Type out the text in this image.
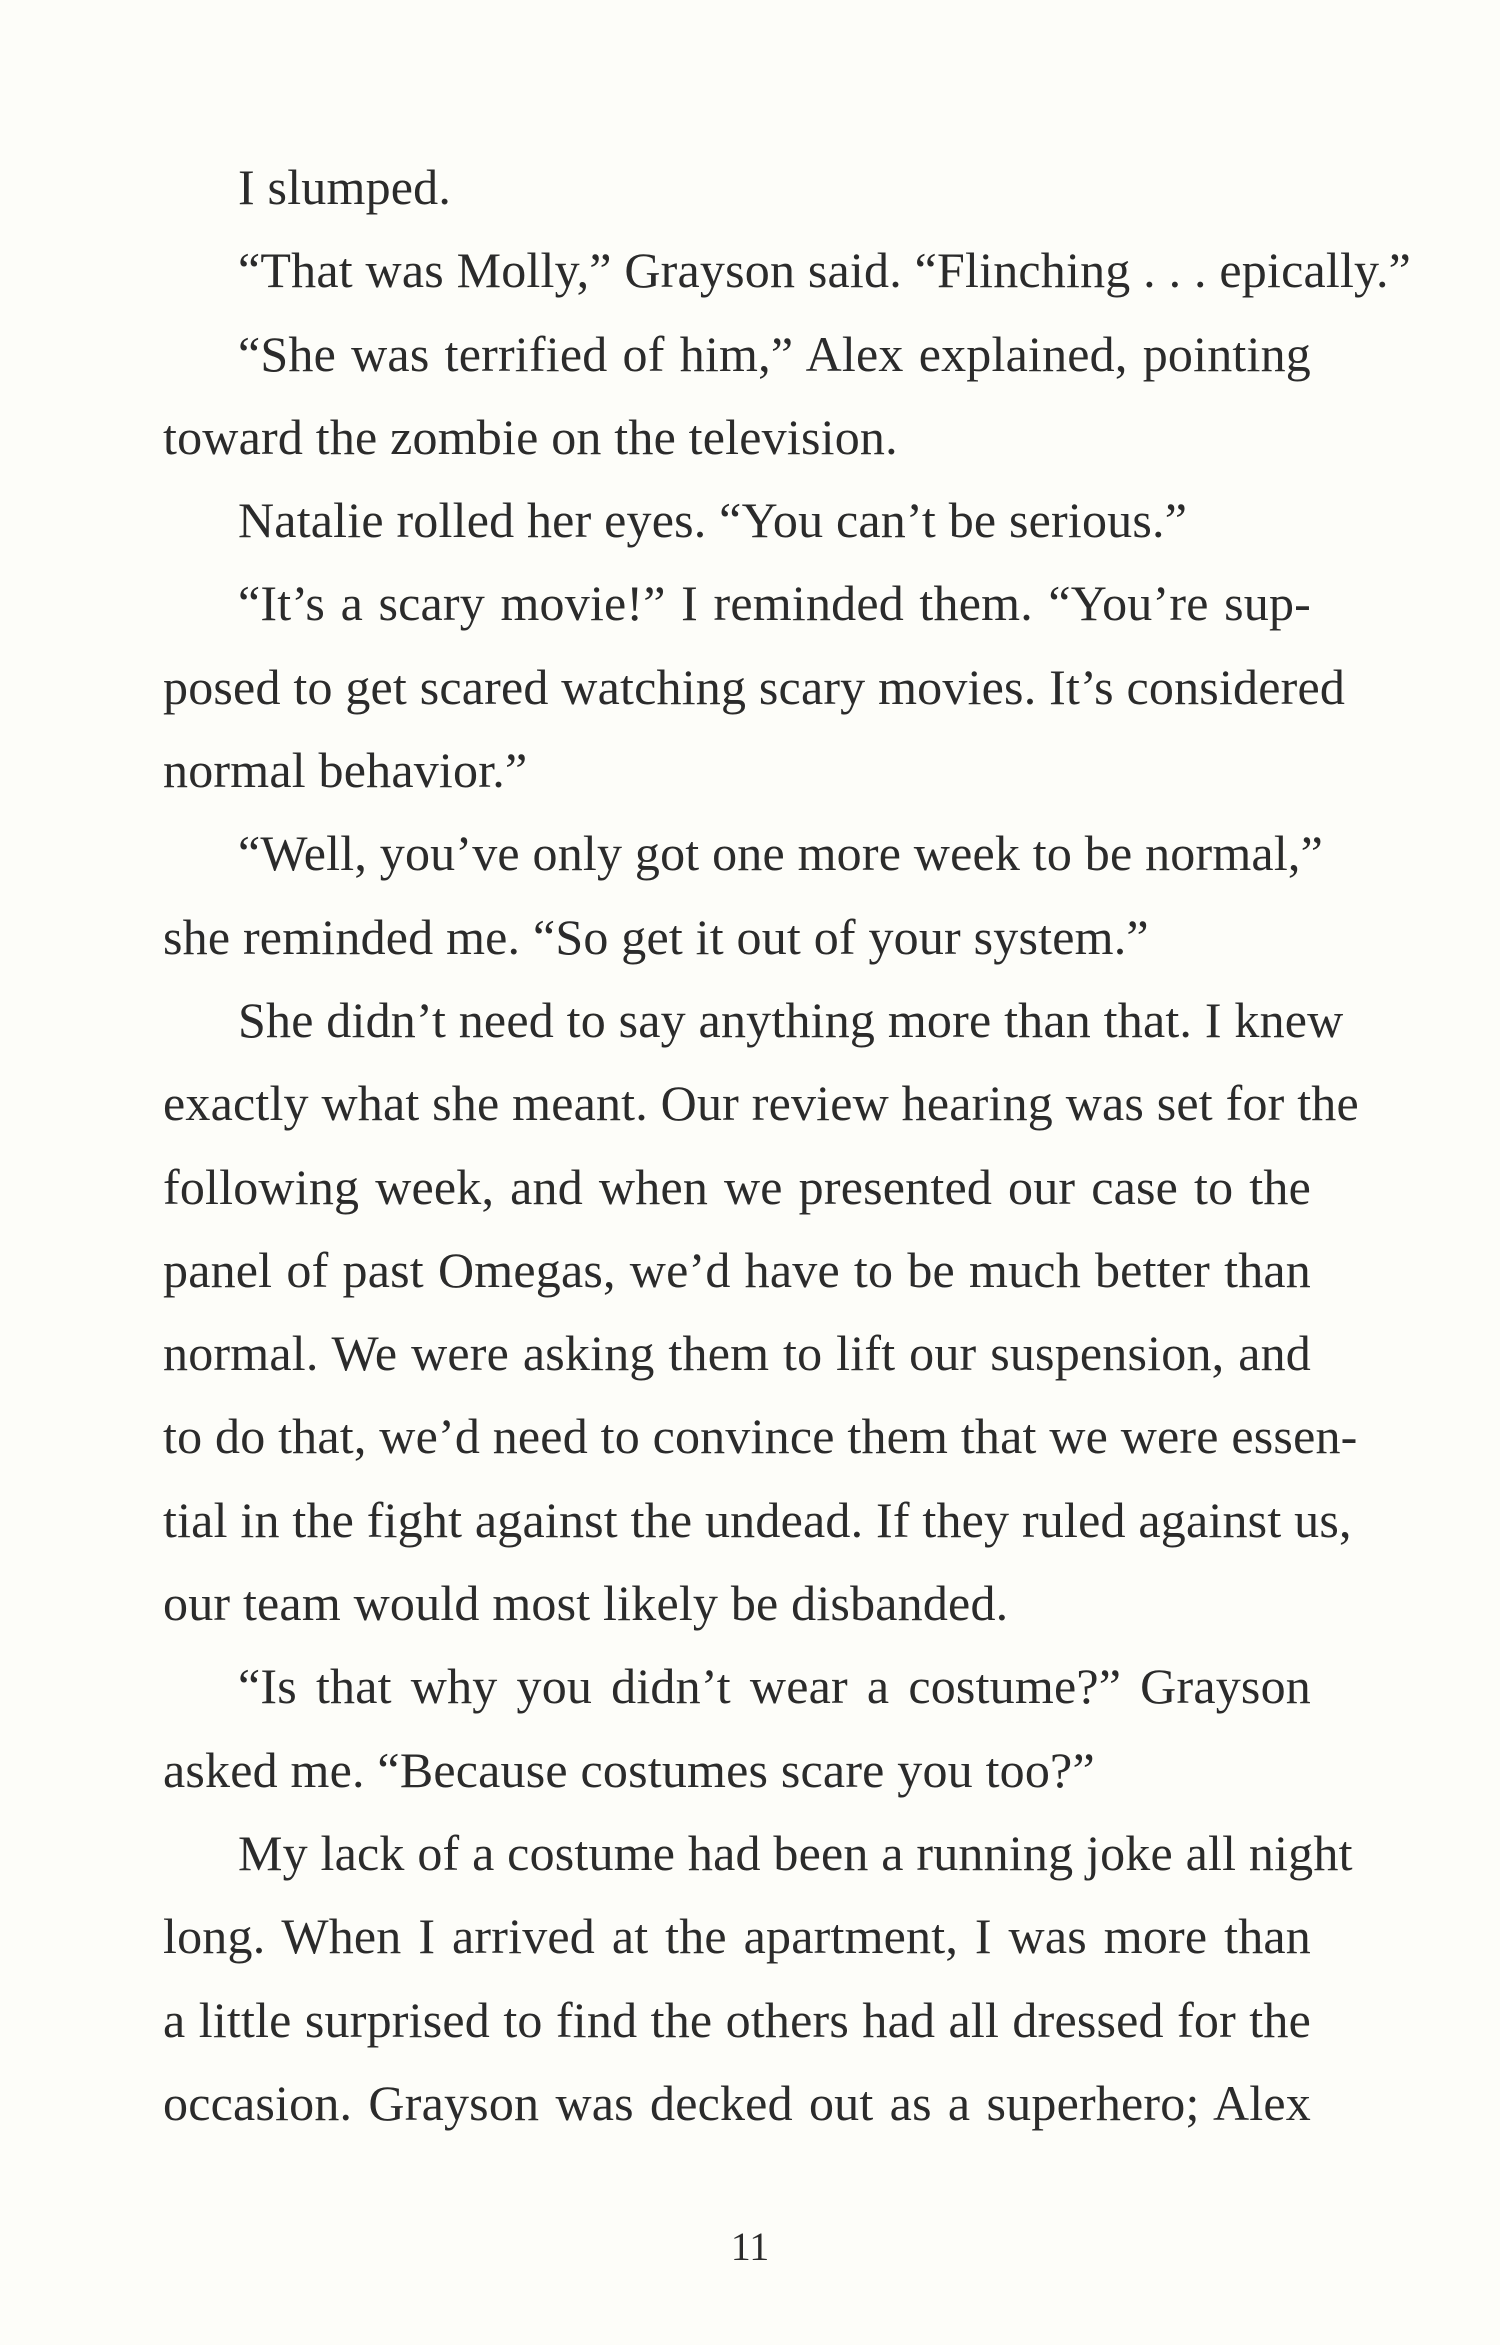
I slumped.
“That was Molly,” Grayson said. “Flinching . . . epically.”
“She was terrified of him,” Alex explained, pointing
toward the zombie on the television.
Natalie rolled her eyes. “You can’t be serious.”
“It’s a scary movie!” I reminded them. “You’re sup-
posed to get scared watching scary movies. It’s considered
normal behavior.”
“Well, you’ve only got one more week to be normal,”
she reminded me. “So get it out of your system.”
She didn’t need to say anything more than that. I knew
exactly what she meant. Our review hearing was set for the
following week, and when we presented our case to the
panel of past Omegas, we’d have to be much better than
normal. We were asking them to lift our suspension, and
to do that, we’d need to convince them that we were essen-
tial in the fight against the undead. If they ruled against us,
our team would most likely be disbanded.
“Is that why you didn’t wear a costume?” Grayson
asked me. “Because costumes scare you too?”
My lack of a costume had been a running joke all night
long. When I arrived at the apartment, I was more than
a little surprised to find the others had all dressed for the
occasion. Grayson was decked out as a superhero; Alex
11
